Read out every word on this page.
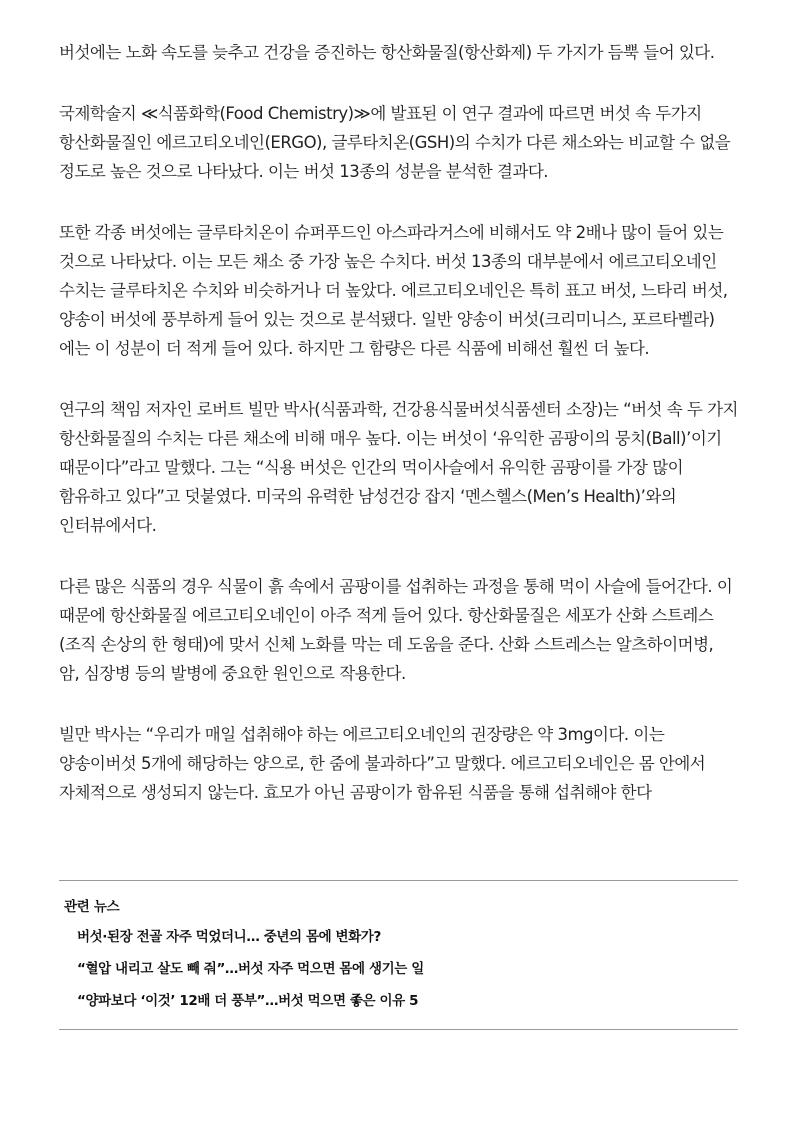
버섯에는 노화 속도를 늦추고 건강을 증진하는 항산화물질(항산화제) 두 가지가 듬뿍 들어 있다.

국제학술지 ≪식품화학(Food Chemistry)≫에 발표된 이 연구 결과에 따르면 버섯 속 두가지 항산화물질인 에르고티오네인(ERGO), 글루타치온(GSH)의 수치가 다른 채소와는 비교할 수 없을 정도로 높은 것으로 나타났다. 이는 버섯 13종의 성분을 분석한 결과다.

또한 각종 버섯에는 글루타치온이 슈퍼푸드인 아스파라거스에 비해서도 약 2배나 많이 들어 있는 것으로 나타났다. 이는 모든 채소 중 가장 높은 수치다. 버섯 13종의 대부분에서 에르고티오네인 수치는 글루타치온 수치와 비슷하거나 더 높았다. 에르고티오네인은 특히 표고 버섯, 느타리 버섯, 양송이 버섯에 풍부하게 들어 있는 것으로 분석됐다. 일반 양송이 버섯(크리미니스, 포르타벨라)에는 이 성분이 더 적게 들어 있다. 하지만 그 함량은 다른 식품에 비해선 훨씬 더 높다.

연구의 책임 저자인 로버트 빌만 박사(식품과학, 건강용식물버섯식품센터 소장)는 “버섯 속 두 가지 항산화물질의 수치는 다른 채소에 비해 매우 높다. 이는 버섯이 ‘유익한 곰팡이의 뭉치(Ball)’이기 때문이다”라고 말했다. 그는 “식용 버섯은 인간의 먹이사슬에서 유익한 곰팡이를 가장 많이 함유하고 있다”고 덧붙였다. 미국의 유력한 남성건강 잡지 ‘멘스헬스(Men’s Health)’와의 인터뷰에서다.

다른 많은 식품의 경우 식물이 흙 속에서 곰팡이를 섭취하는 과정을 통해 먹이 사슬에 들어간다. 이 때문에 항산화물질 에르고티오네인이 아주 적게 들어 있다. 항산화물질은 세포가 산화 스트레스(조직 손상의 한 형태)에 맞서 신체 노화를 막는 데 도움을 준다. 산화 스트레스는 알츠하이머병, 암, 심장병 등의 발병에 중요한 원인으로 작용한다.

빌만 박사는 “우리가 매일 섭취해야 하는 에르고티오네인의 권장량은 약 3mg이다. 이는 양송이버섯 5개에 해당하는 양으로, 한 줌에 불과하다”고 말했다. 에르고티오네인은 몸 안에서 자체적으로 생성되지 않는다. 효모가 아닌 곰팡이가 함유된 식품을 통해 섭취해야 한다

관련 뉴스
버섯·된장 전골 자주 먹었더니… 중년의 몸에 변화가?
“혈압 내리고 살도 빼 줘”…버섯 자주 먹으면 몸에 생기는 일
“양파보다 ‘이것’ 12배 더 풍부”…버섯 먹으면 좋은 이유 5
